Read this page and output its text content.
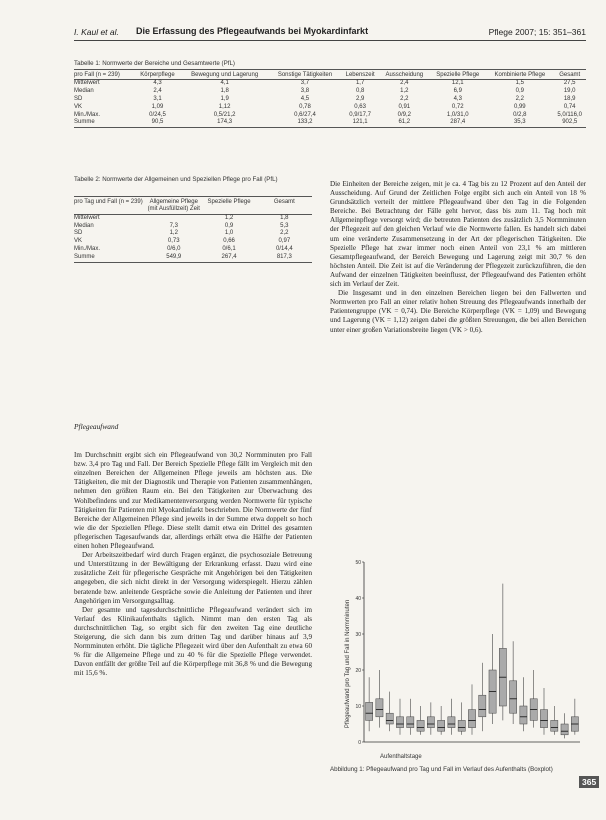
I. Kaul et al. Die Erfassung des Pflegeaufwands bei Myokardinfarkt	Pflege 2007; 15: 351–361
Tabelle 1: Normwerte der Bereiche und Gesamtwerte (PfL)
pro Fall (n = 239)	Körperpflege	Bewegung und Lagerung	Sonstige Tätigkeiten	Lebenszeit	Ausscheidung	Spezielle Pflege	Kombinierte Pflege	Gesamt
Mittelwert	4,3	4,1	3,7	1,7	2,4	12,1	1,5	27,5
Median	2,4	1,8	3,8	0,8	1,2	6,9	0,9	19,0
SD	3,1	1,9	4,5	2,9	2,2	4,3	2,2	18,9
VK	1,09	1,12	0,78	0,63	0,91	0,72	0,99	0,74
Min./Max.	0/24,5	0,5/21,2	0,6/27,4	0,9/17,7	0/9,2	1,0/31,0	0/2,8	5,0/116,0
Summe	90,5	174,3	133,2	121,1	61,2	287,4	35,3	902,5
Tabelle 2: Normwerte der Allgemeinen und Speziellen Pflege pro Fall (PfL)
pro Tag und Fall (n = 239)	Allgemeine Pflege (mit Ausfüllzeit) Zeit	Spezielle Pflege	Gesamt
Mittelwert		1,2	1,8
Median	7,3	0,9	5,3
SD	1,2	1,0	2,2
VK	0,73	0,66	0,97
Min./Max.	0/6,0	0/6,1	0/14,4
Summe	549,9	267,4	817,3
Pflegeaufwand

Im Durchschnitt ergibt sich ein Pflegeaufwand von 30,2 Normminuten pro Fall bzw. 3,4 pro Tag und Fall. Der Bereich Spezielle Pflege fällt im Vergleich mit den einzelnen Bereichen der Allgemeinen Pflege jeweils am höchsten aus. Die Tätigkeiten, die mit der Diagnostik und Therapie von Patienten zusammenhängen, nehmen den größten Raum ein. Bei den Tätigkeiten zur Überwachung des Wohlbefindens und zur Medikamentenversorgung werden Normwerte für typische Tätigkeiten für Patienten mit Myokardinfarkt beschrieben. Die Normwerte der fünf Bereiche der Allgemeinen Pflege sind jeweils in der Summe etwa doppelt so hoch wie die der Speziellen Pflege. Diese stellt damit etwa ein Drittel des gesamten pflegerischen Tagesaufwands dar, allerdings erhält etwa die Hälfte der Patienten einen hohen Pflegeaufwand.

Der Arbeitszeitbedarf wird durch Fragen ergänzt, die psychosoziale Betreuung und Unterstützung in der Bewältigung der Erkrankung erfasst. Dazu wird eine zusätzliche Zeit für pflegerische Gespräche mit Angehörigen bei den Tätigkeiten angegeben, die sich nicht direkt in der Versorgung widerspiegelt. Hierzu zählen beratende bzw. anleitende Gespräche sowie die Anleitung der Patienten und ihrer Angehörigen im Versorgungsalltag.

Der gesamte und tagesdurchschnittliche Pflegeaufwand verändert sich im Verlauf des Klinikaufenthalts täglich. Nimmt man den ersten Tag als durchschnittlichen Tag, so ergibt sich für den zweiten Tag eine deutliche Steigerung, die sich dann bis zum dritten Tag und darüber hinaus auf 3,9 Normminuten erhöht. Die tägliche Pflegezeit wird über den Aufenthalt zu etwa 60 % für die Allgemeine Pflege und zu 40 % für die Spezielle Pflege verwendet. Davon entfällt der größte Teil auf die Körperpflege mit 36,8 % und die Bewegung mit 15,6 %.

Die Einheiten der Bereiche zeigen, mit je ca. 4 Tag bis zu 12 Prozent auf den Anteil der Ausscheidung. Auf Grund der Zeitlichen Folge ergibt sich auch ein Anteil von 18 % Grundsätzlich verteilt der mittlere Pflegeaufwand über den Tag in die Folgenden Bereiche. Bei Betrachtung der Fälle geht hervor, dass bis zum 11. Tag hoch mit Allgemeinpflege versorgt wird; die betreuten Patienten des zusätzlich 3,5 Normminuten der Pflegezeit auf den gleichen Verlauf wie die Normwerte fallen. Es handelt sich dabei um eine veränderte Zusammensetzung in der Art der pflegerischen Tätigkeiten. Die Spezielle Pflege hat zwar immer noch einen Anteil von 23,1 % am mittleren Gesamtpflegeaufwand, der Bereich Bewegung und Lagerung zeigt mit 30,7 % den höchsten Anteil. Die Zeit ist auf die Veränderung der Pflegezeit zurückzuführen, die den Aufwand der einzelnen Tätigkeiten beeinflusst, der Pflegeaufwand des Patienten erhöht sich im Verlauf der Zeit.

Die Insgesamt und in den einzelnen Bereichen liegen bei den Fallwerten und Normwerten pro Fall an einer relativ hohen Streuung des Pflegeaufwands innerhalb der Patientengruppe (VK = 0,74). Die Bereiche Körperpflege (VK = 1,09) und Bewegung und Lagerung (VK = 1,12) zeigen dabei die größten Streuungen, die bei allen Bereichen unter einer großen Variationsbreite liegen (VK > 0,6).

Pflegeaufwand pro Tag und Fall in Normminuten
Aufenthaltstage
0
10
20
30
40
50
Abbildung 1: Pflegeaufwand pro Tag und Fall im Verlauf des Aufenthalts (Boxplot)
365
